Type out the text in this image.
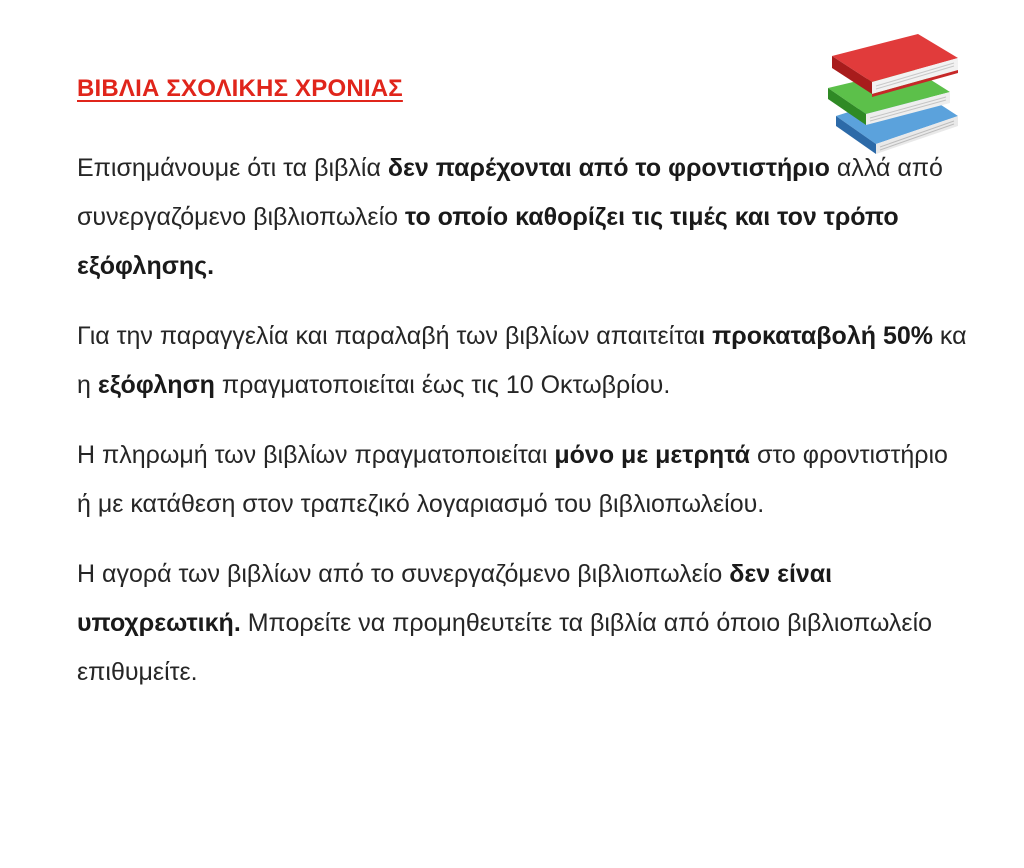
ΒΙΒΛΙΑ ΣΧΟΛΙΚΗΣ ΧΡΟΝΙΑΣ

Επισημάνουμε ότι τα βιβλία δεν παρέχονται από το φροντιστήριο αλλά από συνεργαζόμενο βιβλιοπωλείο το οποίο καθορίζει τις τιμές και τον τρόπο εξόφλησης.

Για την παραγγελία και παραλαβή των βιβλίων απαιτείται προκαταβολή 50% κα η εξόφληση πραγματοποιείται έως τις 10 Οκτωβρίου.

Η πληρωμή των βιβλίων πραγματοποιείται μόνο με μετρητά στο φροντιστήριο ή με κατάθεση στον τραπεζικό λογαριασμό του βιβλιοπωλείου.

Η αγορά των βιβλίων από το συνεργαζόμενο βιβλιοπωλείο δεν είναι υποχρεωτική. Μπορείτε να προμηθευτείτε τα βιβλία από όποιο βιβλιοπωλείο επιθυμείτε.
